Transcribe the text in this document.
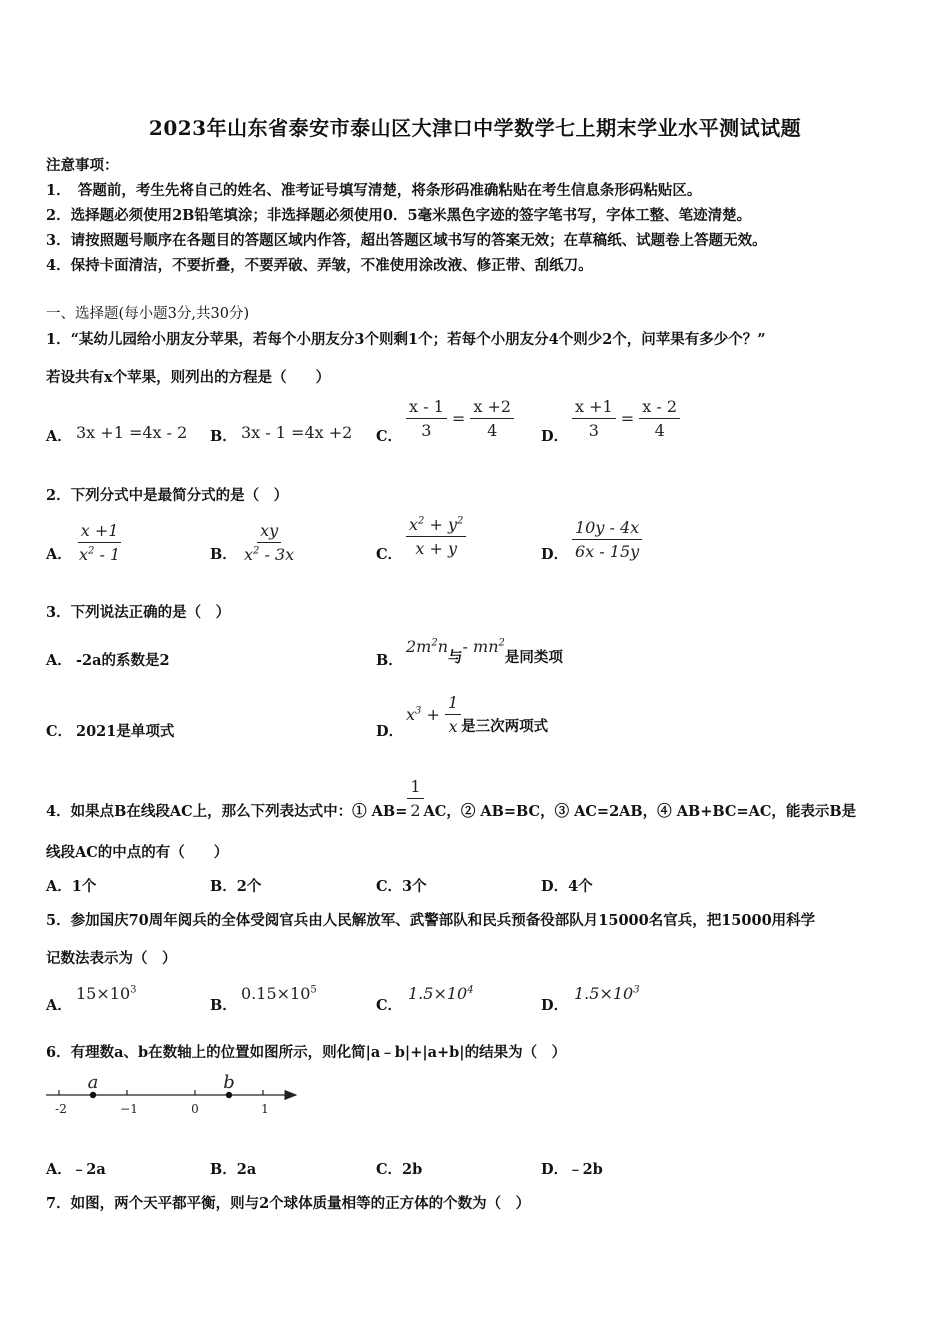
2023年山东省泰安市泰山区大津口中学数学七上期末学业水平测试试题
注意事项：
1．　答题前，考生先将自己的姓名、准考证号填写清楚，将条形码准确粘贴在考生信息条形码粘贴区。
2．选择题必须使用2B铅笔填涂；非选择题必须使用0．5毫米黑色字迹的签字笔书写，字体工整、笔迹清楚。
3．请按照题号顺序在各题目的答题区域内作答，超出答题区域书写的答案无效；在草稿纸、试题卷上答题无效。
4．保持卡面清洁，不要折叠，不要弄破、弄皱，不准使用涂改液、修正带、刮纸刀。
一、选择题(每小题3分,共30分)
1．“某幼儿园给小朋友分苹果，若每个小朋友分3个则剩1个；若每个小朋友分4个则少2个，问苹果有多少个？”
若设共有x个苹果，则列出的方程是（　　）
A． 3x +1 =4x - 2 B． 3x - 1 =4x +2 C． $\frac{x - 1}{3} = \frac{x +2}{4}$ D． $\frac{x +1}{3} = \frac{x - 2}{4}$
2．下列分式中是最简分式的是（　）
A． $\frac{x +1}{x^2 - 1}$	B． $\frac{xy}{x^2 - 3x}$	C． $\frac{x^2 + y^2}{x + y}$	D． $\frac{10y - 4x}{6x - 15y}$
3．下列说法正确的是（　）
A． -2a的系数是2	B．
$2m^2n$与- $mn^2$是同类项
C． 2021是单项式	D．
$x^3 + \frac{1}{x}$ 是三次两项式
4．如果点B在线段AC上，那么下列表达式中：① $AB= \frac{1}{2}$ AC，② AB=BC，③ AC=2AB，④ AB+BC=AC，能表示B是
线段AC的中点的有（　　）
A．1个	B．2个	C．3个	D．4个
5．参加国庆70周年阅兵的全体受阅官兵由人民解放军、武警部队和民兵预备役部队月15000名官兵，把15000用科学
记数法表示为（　）
A．
$15\times 10^3$
B．
$0.15\times 10^5$
C．
$1.5\times 10^4$
D．
$1.5\times 10^3$
6．有理数a、b在数轴上的位置如图所示，则化简|a﹣b|+|a+b|的结果为（　）
-2	−1	0	1
a	b
A．﹣2a	B．2a	C．2b	D．﹣2b
7．如图，两个天平都平衡，则与2个球体质量相等的正方体的个数为（　）
